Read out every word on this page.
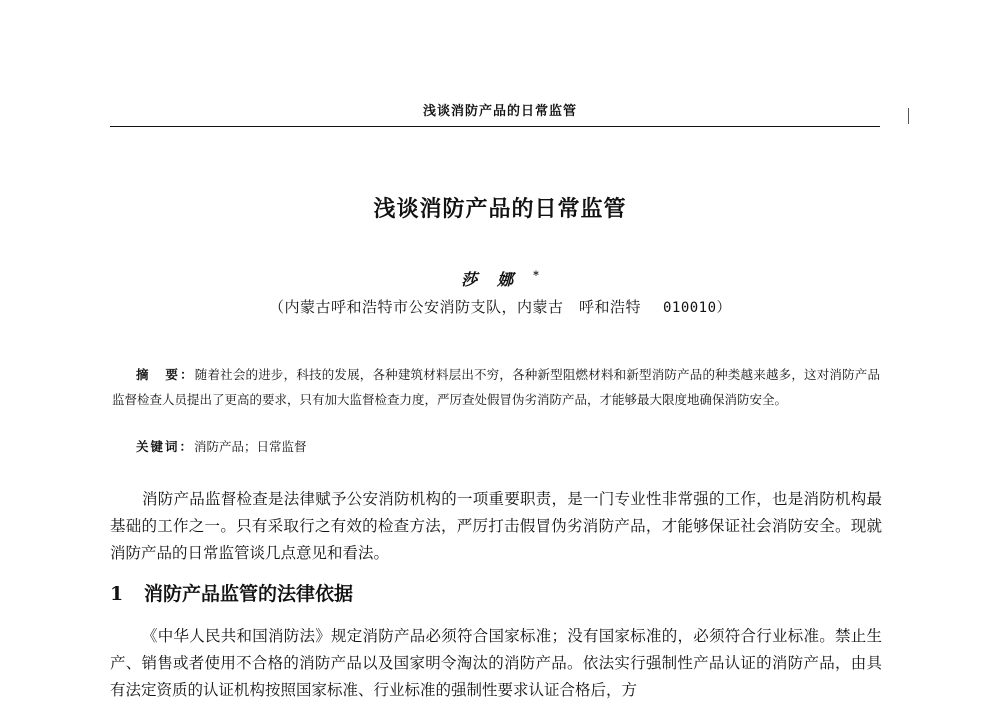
浅谈消防产品的日常监管
浅谈消防产品的日常监管
莎娜*
（内蒙古呼和浩特市公安消防支队，内蒙古　呼和浩特 010010）
摘　要：随着社会的进步，科技的发展，各种建筑材料层出不穷，各种新型阻燃材料和新型消防产品的种类越来越多，这对消防产品监督检查人员提出了更高的要求，只有加大监督检查力度，严厉查处假冒伪劣消防产品，才能够最大限度地确保消防安全。
关键词：消防产品；日常监督
消防产品监督检查是法律赋予公安消防机构的一项重要职责，是一门专业性非常强的工作，也是消防机构最基础的工作之一。只有采取行之有效的检查方法，严厉打击假冒伪劣消防产品，才能够保证社会消防安全。现就消防产品的日常监管谈几点意见和看法。
1 消防产品监管的法律依据
《中华人民共和国消防法》规定消防产品必须符合国家标准；没有国家标准的，必须符合行业标准。禁止生产、销售或者使用不合格的消防产品以及国家明令淘汰的消防产品。依法实行强制性产品认证的消防产品，由具有法定资质的认证机构按照国家标准、行业标准的强制性要求认证合格后，方
